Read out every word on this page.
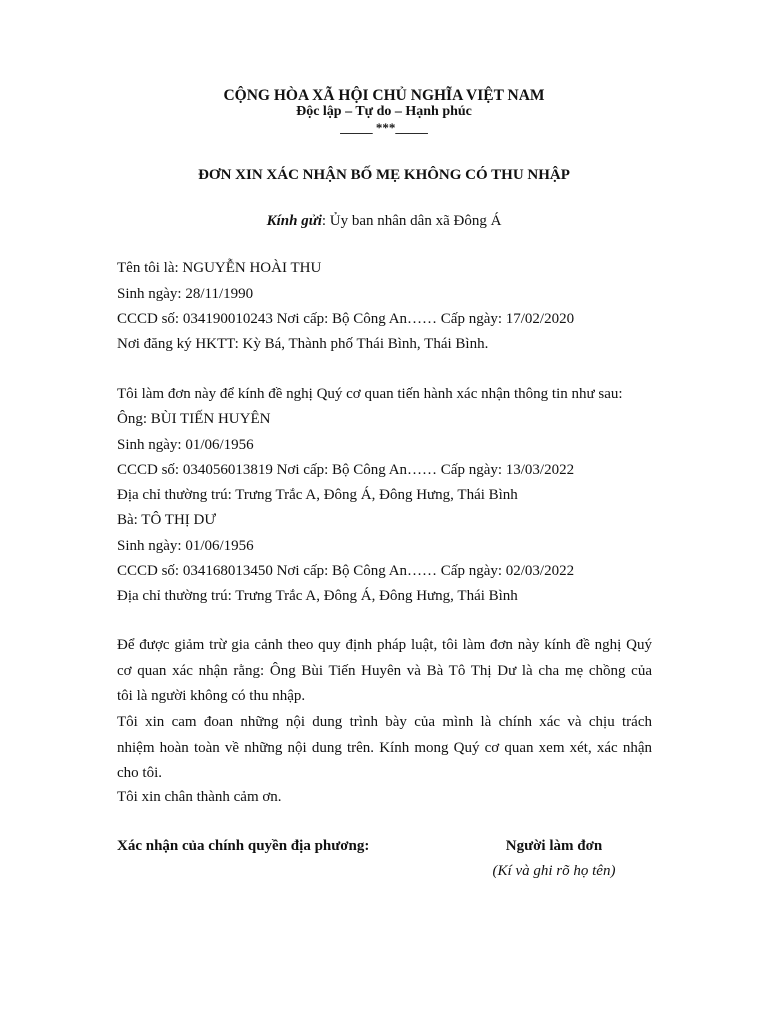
CỘNG HÒA XÃ HỘI CHỦ NGHĨA VIỆT NAM
Độc lập – Tự do – Hạnh phúc
_____ ***_____
ĐƠN XIN XÁC NHẬN BỐ MẸ KHÔNG CÓ THU NHẬP
Kính gửi: Ủy ban nhân dân xã Đông Á
Tên tôi là: NGUYỄN HOÀI THU
Sinh ngày: 28/11/1990
CCCD số: 034190010243 Nơi cấp: Bộ Công An…… Cấp ngày: 17/02/2020
Nơi đăng ký HKTT: Kỳ Bá, Thành phố Thái Bình, Thái Bình.
Tôi làm đơn này để kính đề nghị Quý cơ quan tiến hành xác nhận thông tin như sau:
Ông: BÙI TIẾN HUYÊN
Sinh ngày: 01/06/1956
CCCD số: 034056013819 Nơi cấp: Bộ Công An…… Cấp ngày: 13/03/2022
Địa chỉ thường trú: Trưng Trắc A, Đông Á, Đông Hưng, Thái Bình
Bà: TÔ THỊ DƯ
Sinh ngày: 01/06/1956
CCCD số: 034168013450 Nơi cấp: Bộ Công An…… Cấp ngày: 02/03/2022
Địa chỉ thường trú: Trưng Trắc A, Đông Á, Đông Hưng, Thái Bình
Để được giảm trừ gia cảnh theo quy định pháp luật, tôi làm đơn này kính đề nghị Quý
cơ quan xác nhận rằng: Ông Bùi Tiến Huyên và Bà Tô Thị Dư là cha mẹ chồng của
tôi là người không có thu nhập.
Tôi xin cam đoan những nội dung trình bày của mình là chính xác và chịu trách
nhiệm hoàn toàn về những nội dung trên. Kính mong Quý cơ quan xem xét, xác nhận
cho tôi.
Tôi xin chân thành cảm ơn.
Xác nhận của chính quyền địa phương:	Người làm đơn
(Kí và ghi rõ họ tên)
